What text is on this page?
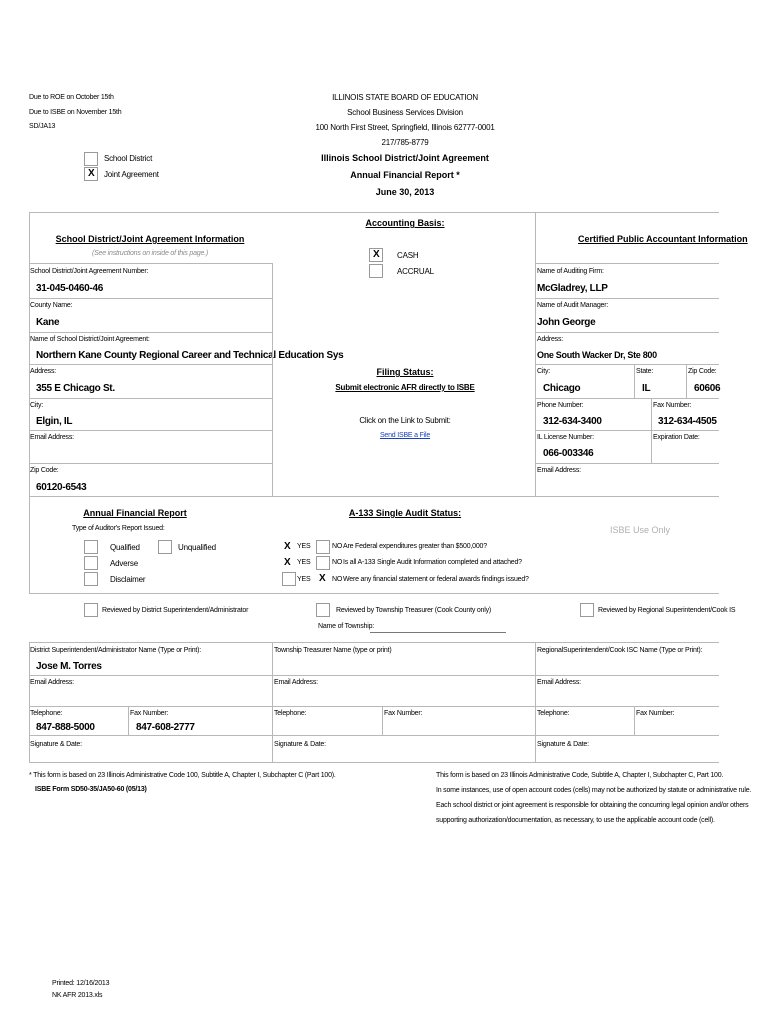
Due to ROE on October 15th
Due to ISBE on November 15th
SD/JA13
ILLINOIS STATE BOARD OF EDUCATION
School Business Services Division
100 North First Street, Springfield, Illinois 62777-0001
217/785-8779
Illinois School District/Joint Agreement
Annual Financial Report *
June 30, 2013
School District
X Joint Agreement
School District/Joint Agreement Information
(See instructions on inside of this page.)
School District/Joint Agreement Number:
31-045-0460-46
County Name:
Kane
Name of School District/Joint Agreement:
Northern Kane County Regional Career and Technical Education Sys
Address:
355 E Chicago St.
City:
Elgin, IL
Email Address:
Zip Code:
60120-6543
Accounting Basis:
X CASH
ACCRUAL
Filing Status:
Submit electronic AFR directly to ISBE
Click on the Link to Submit:
Send ISBE a File
Certified Public Accountant Information
Name of Auditing Firm:
McGladrey, LLP
Name of Audit Manager:
John George
Address:
One South Wacker Dr, Ste 800
City:	State:	Zip Code:
Chicago	IL	60606
Phone Number:	Fax Number:
312-634-3400	312-634-4505
IL License Number:	Expiration Date:
066-003346
Email Address:
Annual Financial Report
Type of Auditor's Report Issued:
Qualified	Unqualified
Adverse
Disclaimer
A-133 Single Audit Status:
X YES	NO Are Federal expenditures greater than $500,000?
X YES	NO Is all A-133 Single Audit Information completed and attached?
YES X NO Were any financial statement or federal awards findings issued?
ISBE Use Only
Reviewed by District Superintendent/Administrator	Reviewed by Township Treasurer (Cook County only)
Name of Township:
Reviewed by Regional Superintendent/Cook IS
District Superintendent/Administrator Name (Type or Print):
Jose M. Torres
Township Treasurer Name (type or print)	RegionalSuperintendent/Cook ISC Name (Type or Print):
Email Address:	Email Address:	Email Address:
Telephone:	Fax Number:
847-888-5000	847-608-2777
Telephone:	Fax Number:	Telephone:	Fax Number:
Signature & Date:	Signature & Date:	Signature & Date:
* This form is based on 23 Illinois Administrative Code 100, Subtitle A, Chapter I, Subchapter C (Part 100).
ISBE Form SD50-35/JA50-60 (05/13)
This form is based on 23 Illinois Administrative Code, Subtitle A, Chapter I, Subchapter C, Part 100.
In some instances, use of open account codes (cells) may not be authorized by statute or administrative rule.
Each school district or joint agreement is responsible for obtaining the concurring legal opinion and/or others
supporting authorization/documentation, as necessary, to use the applicable account code (cell).
Printed: 12/16/2013
NK AFR 2013.xls
